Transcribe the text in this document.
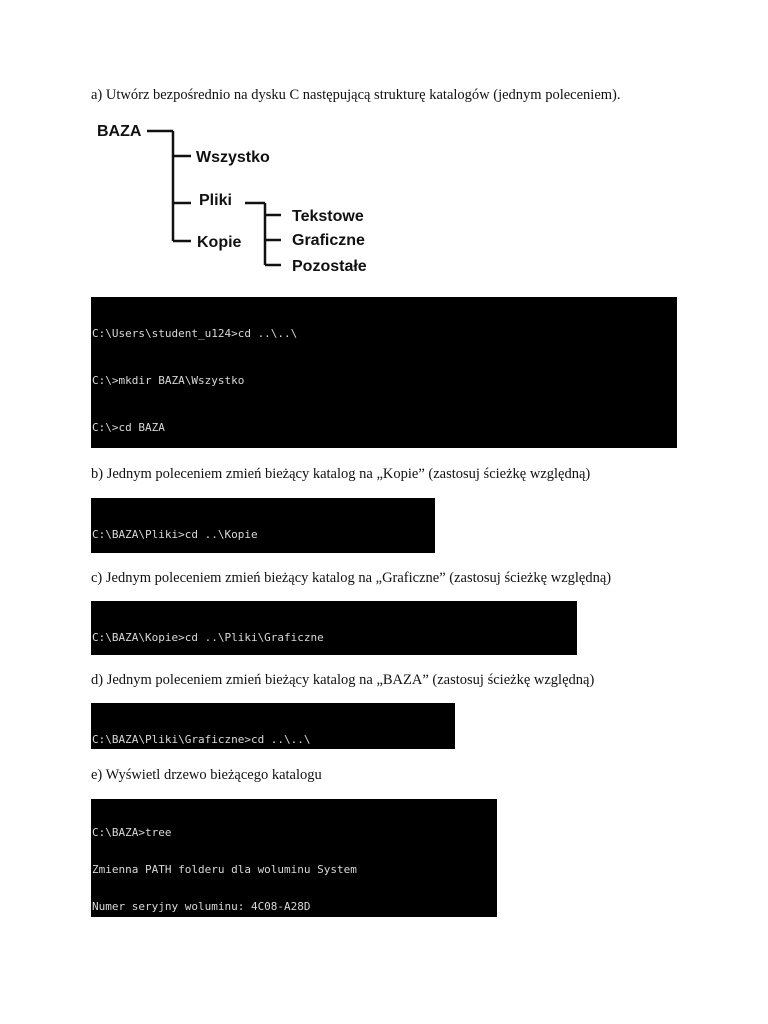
a) Utwórz bezpośrednio na dysku C następującą strukturę katalogów (jednym poleceniem).
BAZA
Wszystko
Pliki
Kopie
Tekstowe
Graficzne
Pozostałe

C:\Users\student_u124>cd ..\..\

C:\>mkdir BAZA\Wszystko

C:\>cd BAZA

b) Jednym poleceniem zmień bieżący katalog na „Kopie” (zastosuj ścieżkę względną)

C:\BAZA\Pliki>cd ..\Kopie

c) Jednym poleceniem zmień bieżący katalog na „Graficzne” (zastosuj ścieżkę względną)

C:\BAZA\Kopie>cd ..\Pliki\Graficzne

d) Jednym poleceniem zmień bieżący katalog na „BAZA” (zastosuj ścieżkę względną)

C:\BAZA\Pliki\Graficzne>cd ..\..\

e) Wyświetl drzewo bieżącego katalogu

C:\BAZA>tree

Zmienna PATH folderu dla woluminu System

Numer seryjny woluminu: 4C08-A28D
